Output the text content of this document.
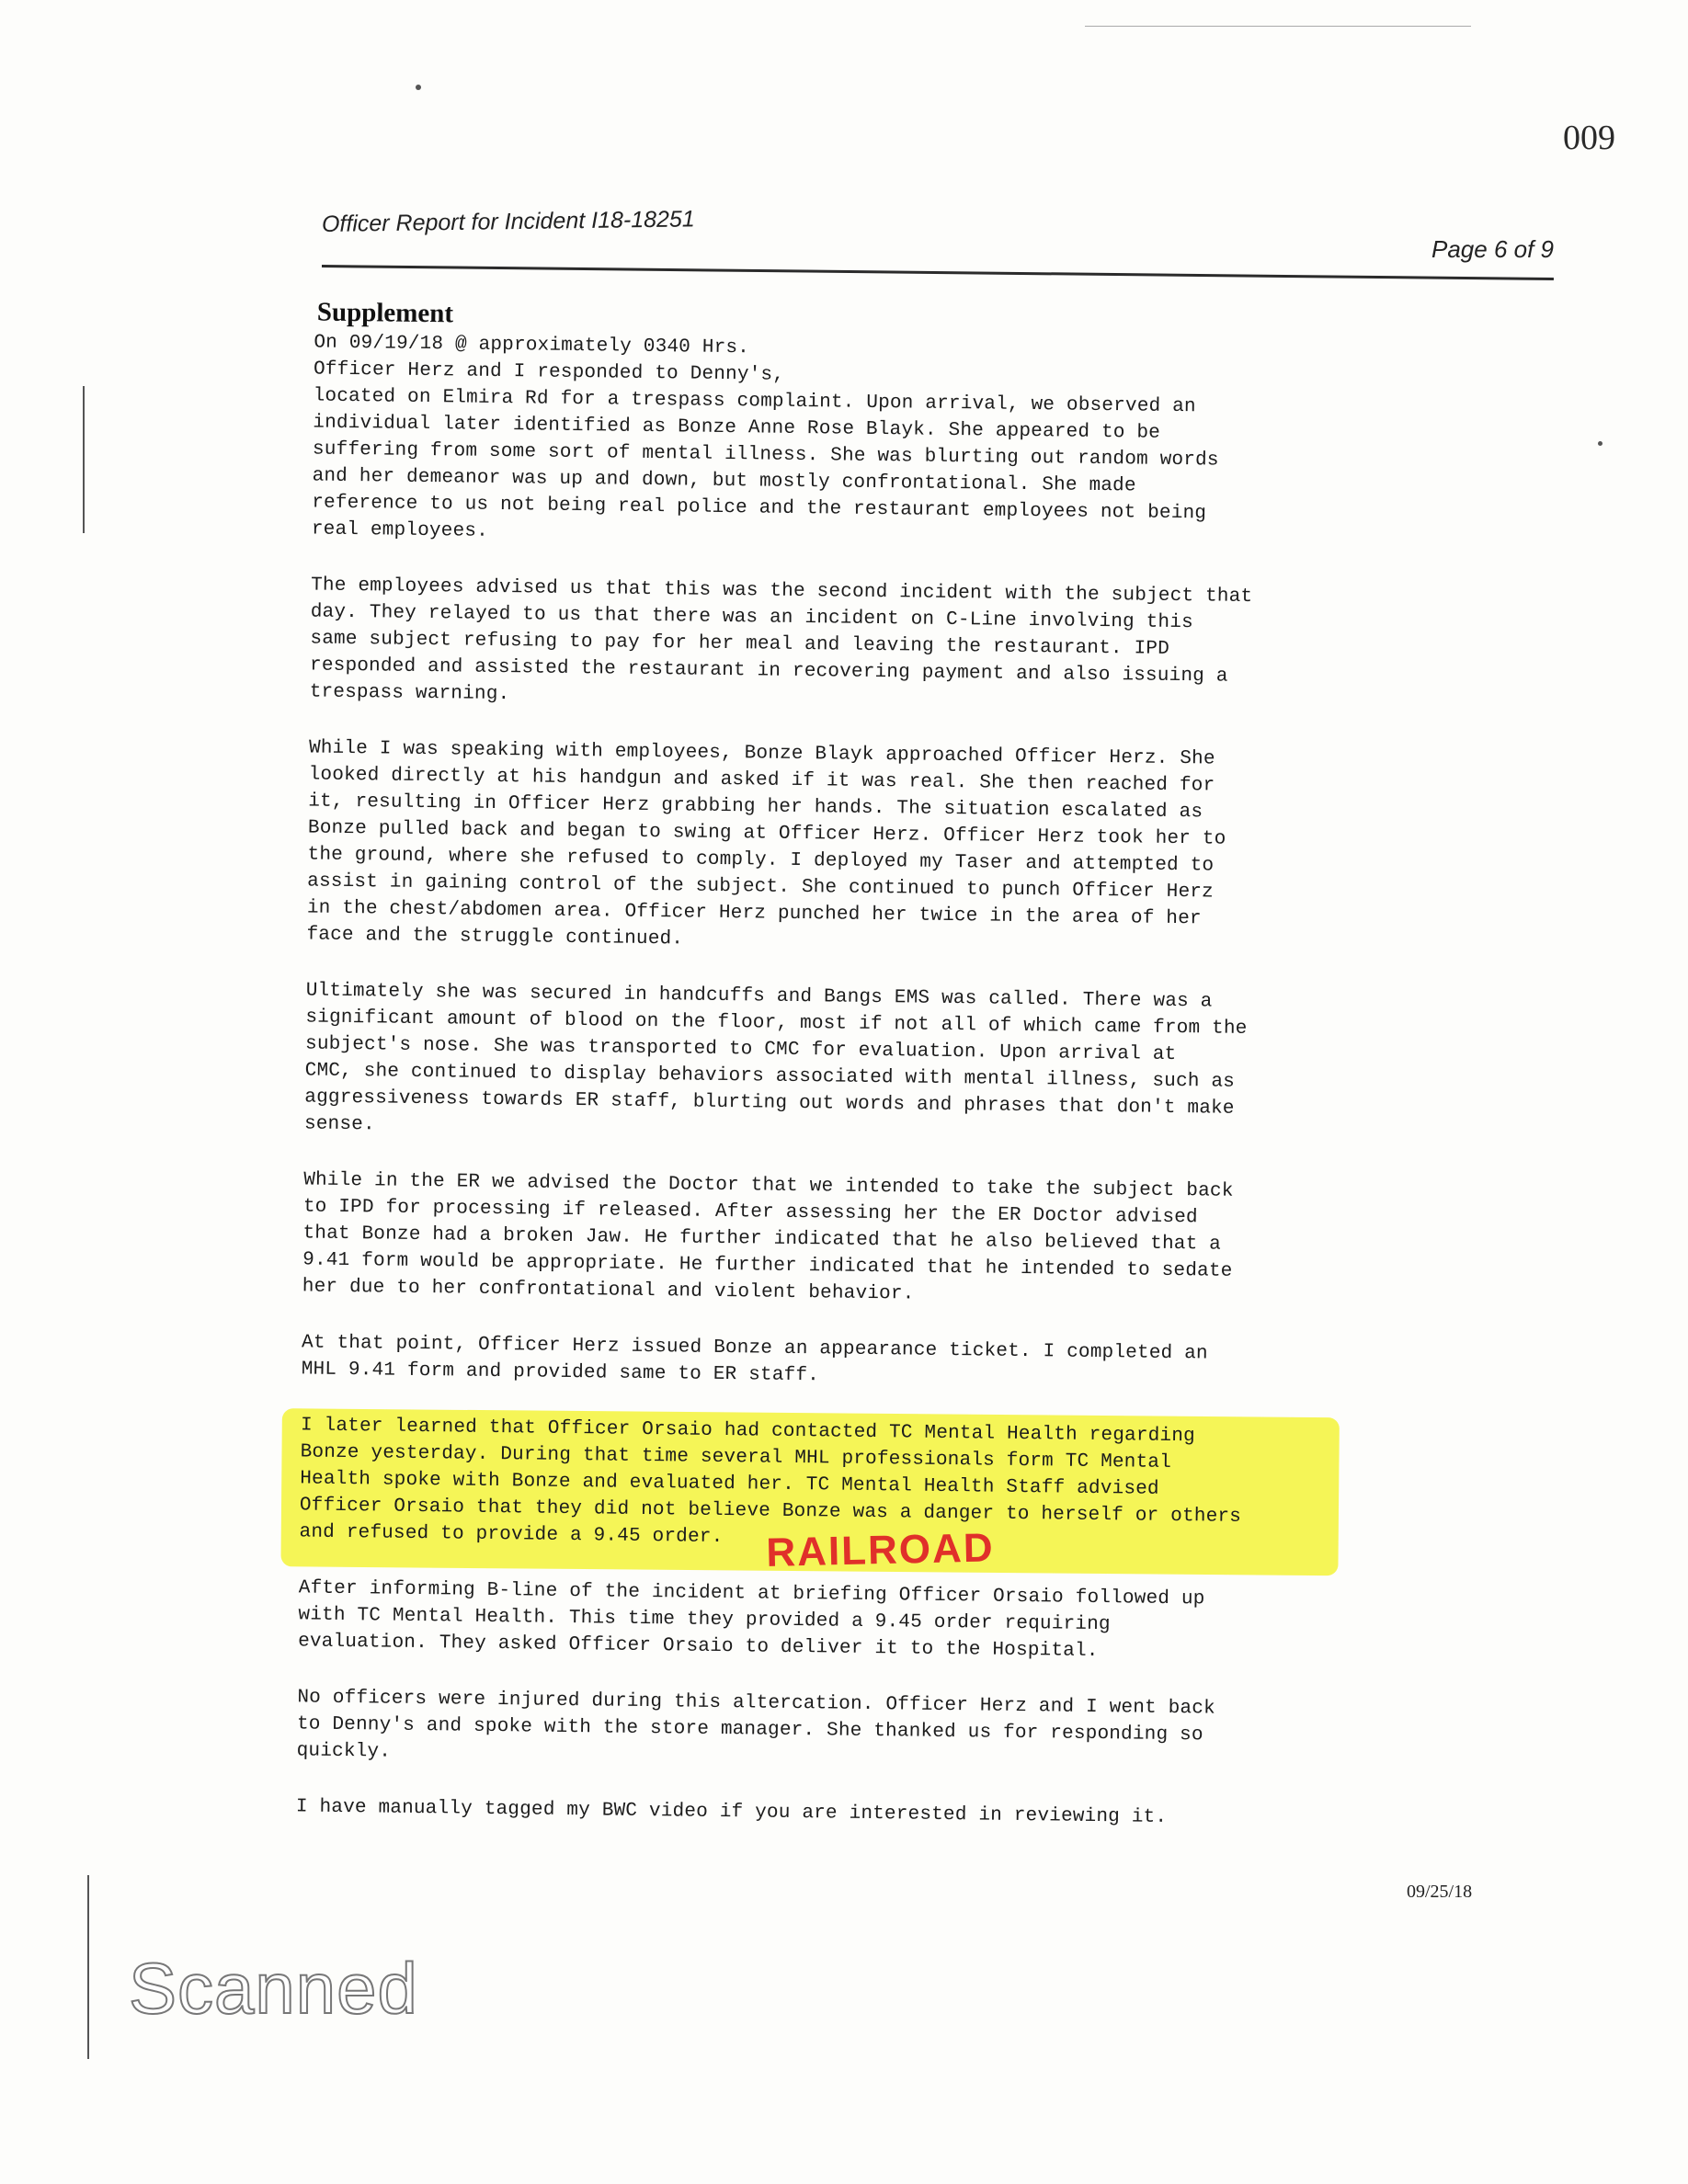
009
Officer Report for Incident I18-18251
Page 6 of 9
Supplement

On 09/19/18 @ approximately 0340 Hrs.
Officer Herz and I responded to Denny's,
located on Elmira Rd for a trespass complaint. Upon arrival, we observed an
individual later identified as Bonze Anne Rose Blayk. She appeared to be
suffering from some sort of mental illness. She was blurting out random words
and her demeanor was up and down, but mostly confrontational. She made
reference to us not being real police and the restaurant employees not being
real employees.

The employees advised us that this was the second incident with the subject that
day. They relayed to us that there was an incident on C-Line involving this
same subject refusing to pay for her meal and leaving the restaurant. IPD
responded and assisted the restaurant in recovering payment and also issuing a
trespass warning.

While I was speaking with employees, Bonze Blayk approached Officer Herz. She
looked directly at his handgun and asked if it was real. She then reached for
it, resulting in Officer Herz grabbing her hands. The situation escalated as
Bonze pulled back and began to swing at Officer Herz. Officer Herz took her to
the ground, where she refused to comply. I deployed my Taser and attempted to
assist in gaining control of the subject. She continued to punch Officer Herz
in the chest/abdomen area. Officer Herz punched her twice in the area of her
face and the struggle continued.

Ultimately she was secured in handcuffs and Bangs EMS was called. There was a
significant amount of blood on the floor, most if not all of which came from the
subject's nose. She was transported to CMC for evaluation. Upon arrival at
CMC, she continued to display behaviors associated with mental illness, such as
aggressiveness towards ER staff, blurting out words and phrases that don't make
sense.

While in the ER we advised the Doctor that we intended to take the subject back
to IPD for processing if released. After assessing her the ER Doctor advised
that Bonze had a broken Jaw. He further indicated that he also believed that a
9.41 form would be appropriate. He further indicated that he intended to sedate
her due to her confrontational and violent behavior.

At that point, Officer Herz issued Bonze an appearance ticket. I completed an
MHL 9.41 form and provided same to ER staff.

I later learned that Officer Orsaio had contacted TC Mental Health regarding
Bonze yesterday. During that time several MHL professionals form TC Mental
Health spoke with Bonze and evaluated her. TC Mental Health Staff advised
Officer Orsaio that they did not believe Bonze was a danger to herself or others
and refused to provide a 9.45 order.	RAILROAD

After informing B-line of the incident at briefing Officer Orsaio followed up
with TC Mental Health. This time they provided a 9.45 order requiring
evaluation. They asked Officer Orsaio to deliver it to the Hospital.

No officers were injured during this altercation. Officer Herz and I went back
to Denny's and spoke with the store manager. She thanked us for responding so
quickly.

I have manually tagged my BWC video if you are interested in reviewing it.

09/25/18
Scanned
